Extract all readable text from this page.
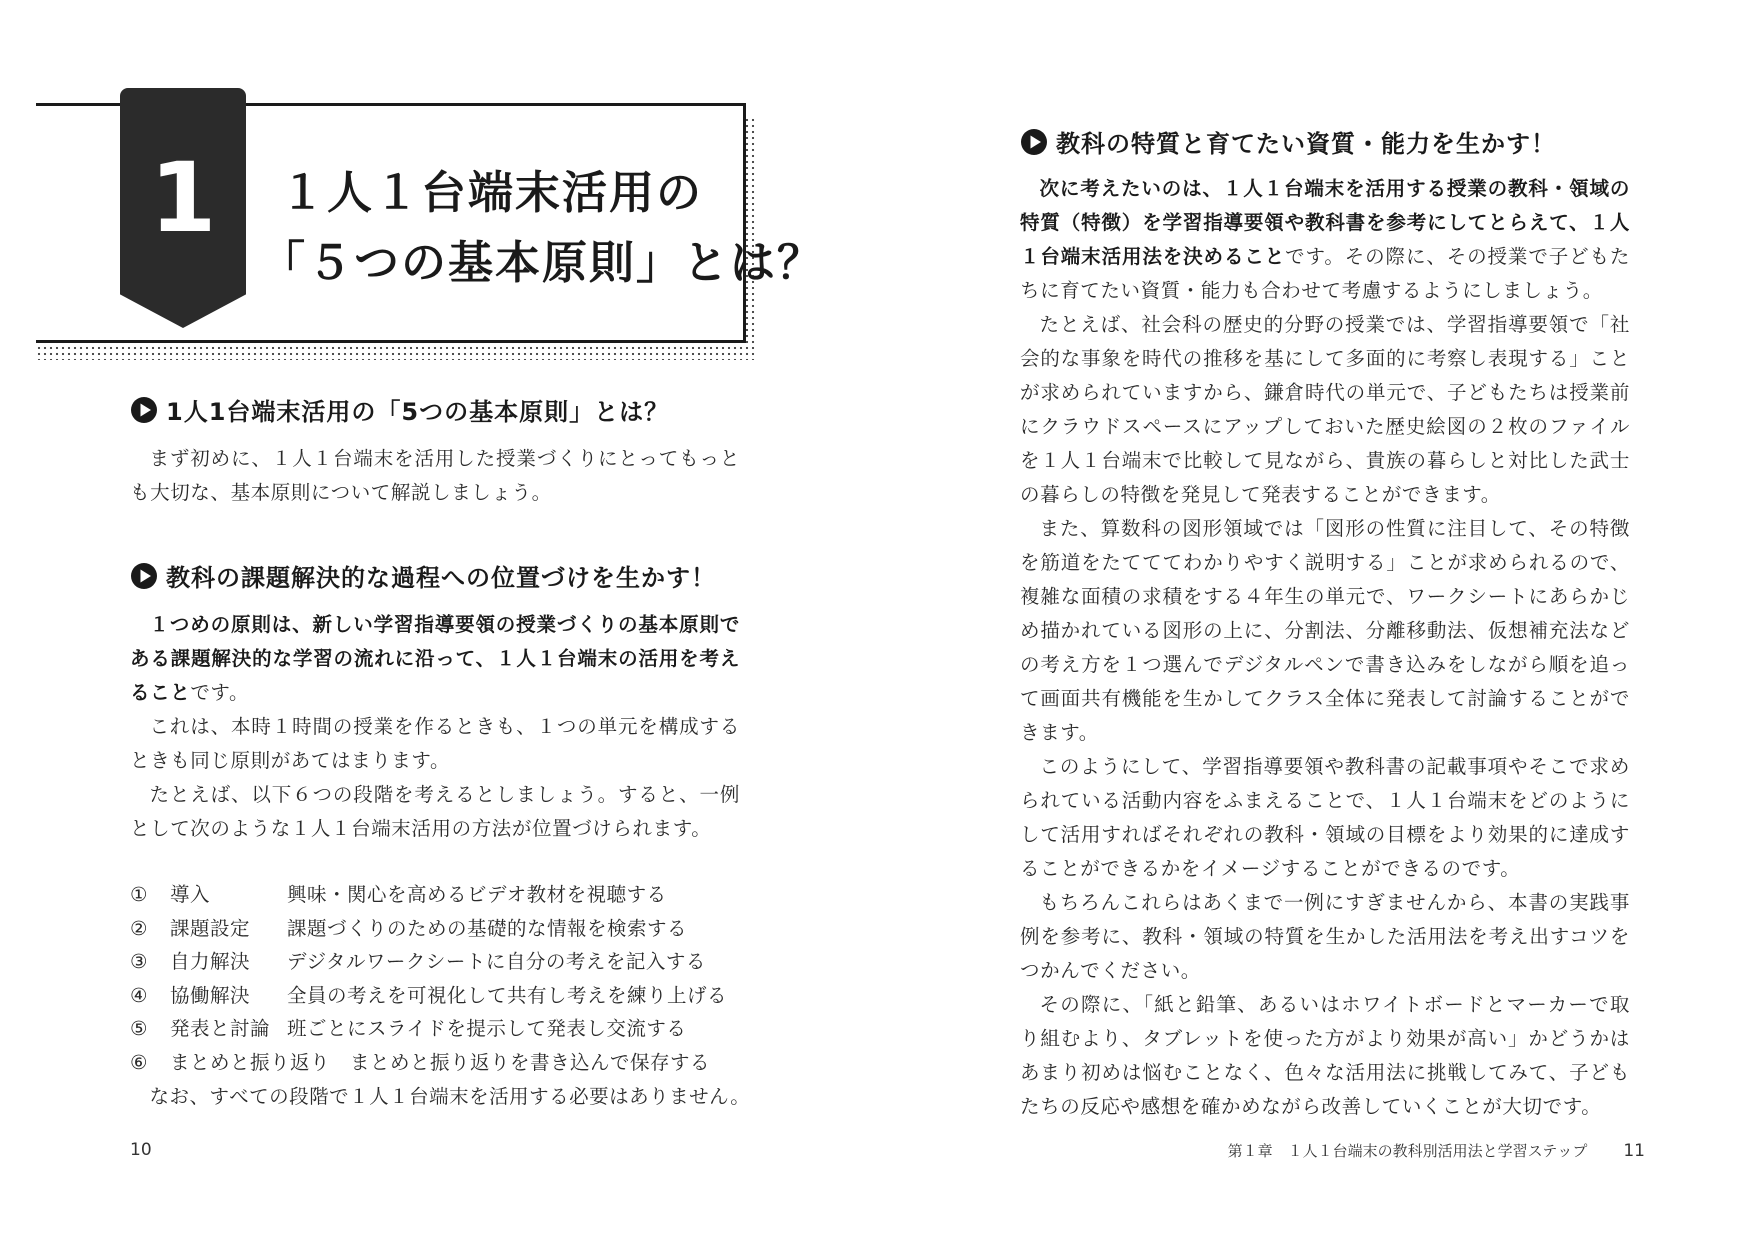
1	１人１台端末活用の
「５つの基本原則」とは？
1人1台端末活用の「5つの基本原則」とは？

まず初めに、１人１台端末を活用した授業づくりにとってもっとも大切な、基本原則について解説しましょう。

教科の課題解決的な過程への位置づけを生かす！

１つめの原則は、新しい学習指導要領の授業づくりの基本原則である課題解決的な学習の流れに沿って、１人１台端末の活用を考えることです。

これは、本時１時間の授業を作るときも、１つの単元を構成するときも同じ原則があてはまります。

たとえば、以下６つの段階を考えるとしましょう。すると、一例として次のような１人１台端末活用の方法が位置づけられます。

①	導入	興味・関心を高めるビデオ教材を視聴する
②	課題設定	課題づくりのための基礎的な情報を検索する
③	自力解決	デジタルワークシートに自分の考えを記入する
④	協働解決	全員の考えを可視化して共有し考えを練り上げる
⑤	発表と討論 班ごとにスライドを提示して発表し交流する
⑥	まとめと振り返り まとめと振り返りを書き込んで保存する
なお、すべての段階で１人１台端末を活用する必要はありません。
10
教科の特質と育てたい資質・能力を生かす！

次に考えたいのは、１人１台端末を活用する授業の教科・領域の特質（特徴）を学習指導要領や教科書を参考にしてとらえて、１人１台端末活用法を決めることです。その際に、その授業で子どもたちに育てたい資質・能力も合わせて考慮するようにしましょう。

たとえば、社会科の歴史的分野の授業では、学習指導要領で「社会的な事象を時代の推移を基にして多面的に考察し表現する」ことが求められていますから、鎌倉時代の単元で、子どもたちは授業前にクラウドスペースにアップしておいた歴史絵図の２枚のファイルを１人１台端末で比較して見ながら、貴族の暮らしと対比した武士の暮らしの特徴を発見して発表することができます。

また、算数科の図形領域では「図形の性質に注目して、その特徴を筋道をたてててわかりやすく説明する」ことが求められるので、複雑な面積の求積をする４年生の単元で、ワークシートにあらかじめ描かれている図形の上に、分割法、分離移動法、仮想補充法などの考え方を１つ選んでデジタルペンで書き込みをしながら順を追って画面共有機能を生かしてクラス全体に発表して討論することができます。

このようにして、学習指導要領や教科書の記載事項やそこで求められている活動内容をふまえることで、１人１台端末をどのようにして活用すればそれぞれの教科・領域の目標をより効果的に達成することができるかをイメージすることができるのです。

もちろんこれらはあくまで一例にすぎませんから、本書の実践事例を参考に、教科・領域の特質を生かした活用法を考え出すコツをつかんでください。

その際に、「紙と鉛筆、あるいはホワイトボードとマーカーで取り組むより、タブレットを使った方がより効果が高い」かどうかはあまり初めは悩むことなく、色々な活用法に挑戦してみて、子どもたちの反応や感想を確かめながら改善していくことが大切です。

第１章　１人１台端末の教科別活用法と学習ステップ 11
